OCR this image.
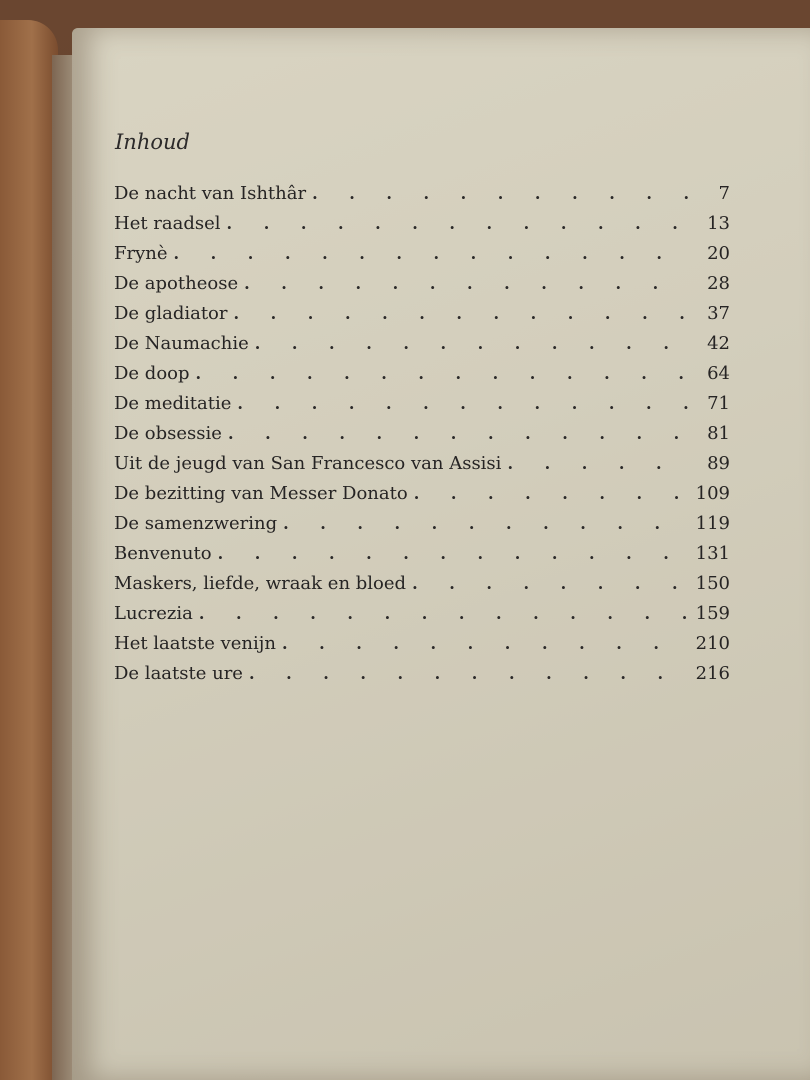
Inhoud
De nacht van Ishthâr . . .	7
Het raadsel . . .	13
Frynè . . .	20
De apotheose . . .	28
De gladiator . . .	37
De Naumachie . . .	42
De doop . . .	64
De meditatie . . .	71
De obsessie . . .	81
Uit de jeugd van San Francesco van Assisi . . .	89
De bezitting van Messer Donato . . .	109
De samenzwering . . .	119
Benvenuto . . .	131
Maskers, liefde, wraak en bloed . . .	150
Lucrezia . . .	159
Het laatste venijn . . .	210
De laatste ure . . .	216
